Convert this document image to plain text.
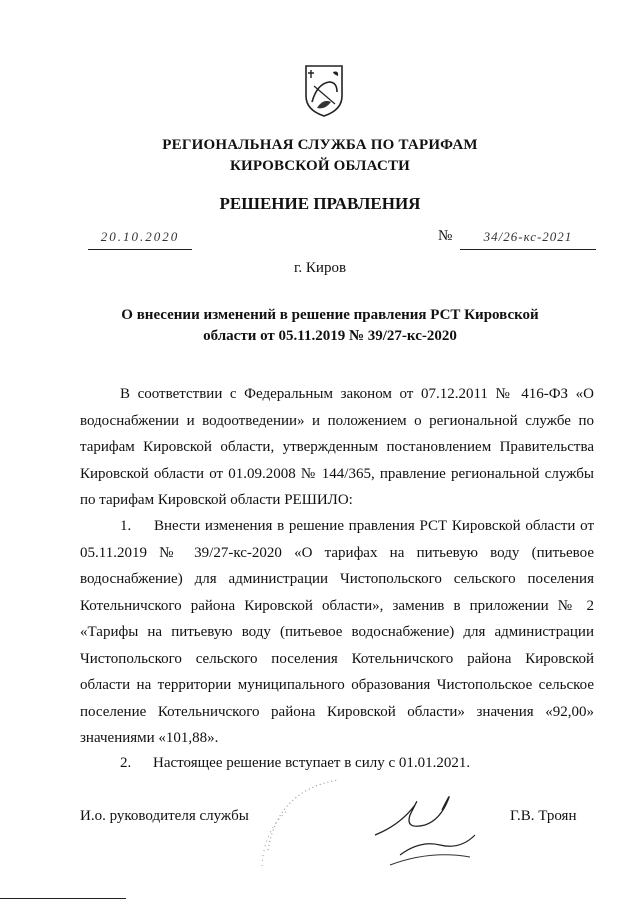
РЕГИОНАЛЬНАЯ СЛУЖБА ПО ТАРИФАМ
КИРОВСКОЙ ОБЛАСТИ
РЕШЕНИЕ ПРАВЛЕНИЯ
20.10.2020	№	34/26-кс-2021
г. Киров
О внесении изменений в решение правления РСТ Кировской области от 05.11.2019 № 39/27-кс-2020
В соответствии с Федеральным законом от 07.12.2011 № 416-ФЗ «О водоснабжении и водоотведении» и положением о региональной службе по тарифам Кировской области, утвержденным постановлением Правительства Кировской области от 01.09.2008 № 144/365, правление региональной службы по тарифам Кировской области РЕШИЛО:
1. Внести изменения в решение правления РСТ Кировской области от 05.11.2019 № 39/27-кс-2020 «О тарифах на питьевую воду (питьевое водоснабжение) для администрации Чистопольского сельского поселения Котельничского района Кировской области», заменив в приложении № 2 «Тарифы на питьевую воду (питьевое водоснабжение) для администрации Чистопольского сельского поселения Котельничского района Кировской области на территории муниципального образования Чистопольское сельское поселение Котельничского района Кировской области» значения «92,00» значениями «101,88».
2. Настоящее решение вступает в силу с 01.01.2021.
И.о. руководителя службы	Г.В. Троян
